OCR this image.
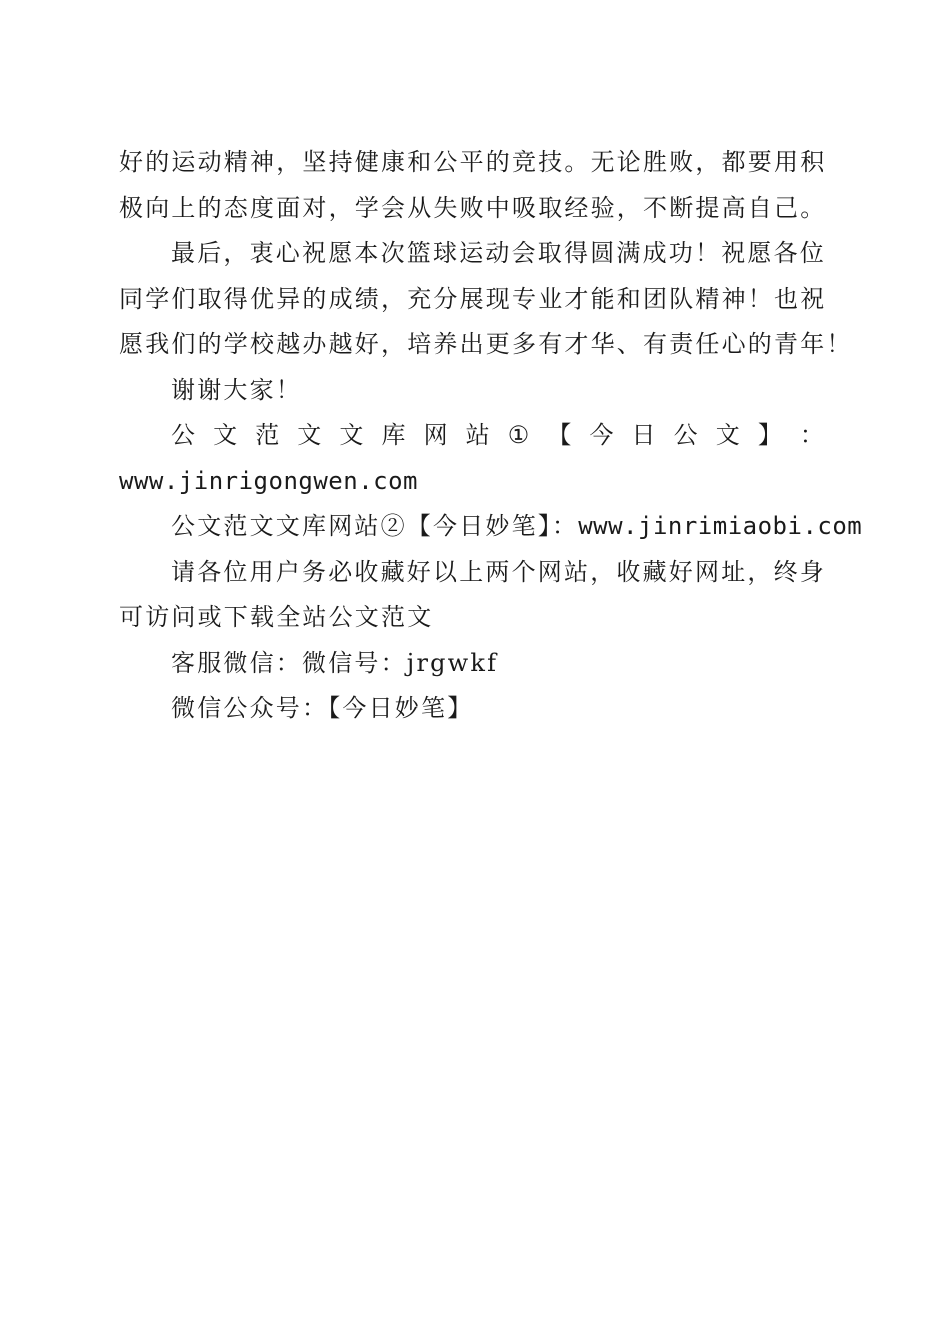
好的运动精神，坚持健康和公平的竞技。无论胜败，都要用积
极向上的态度面对，学会从失败中吸取经验，不断提高自己。
最后，衷心祝愿本次篮球运动会取得圆满成功！祝愿各位
同学们取得优异的成绩，充分展现专业才能和团队精神！也祝
愿我们的学校越办越好，培养出更多有才华、有责任心的青年！
谢谢大家！
公 文 范 文 文 库 网 站 ① 【 今 日 公 文 】 ：
www.jinrigongwen.com
公文范文文库网站②【今日妙笔】：www.jinrimiaobi.com
请各位用户务必收藏好以上两个网站，收藏好网址，终身
可访问或下载全站公文范文
客服微信：微信号：jrgwkf
微信公众号：【今日妙笔】
